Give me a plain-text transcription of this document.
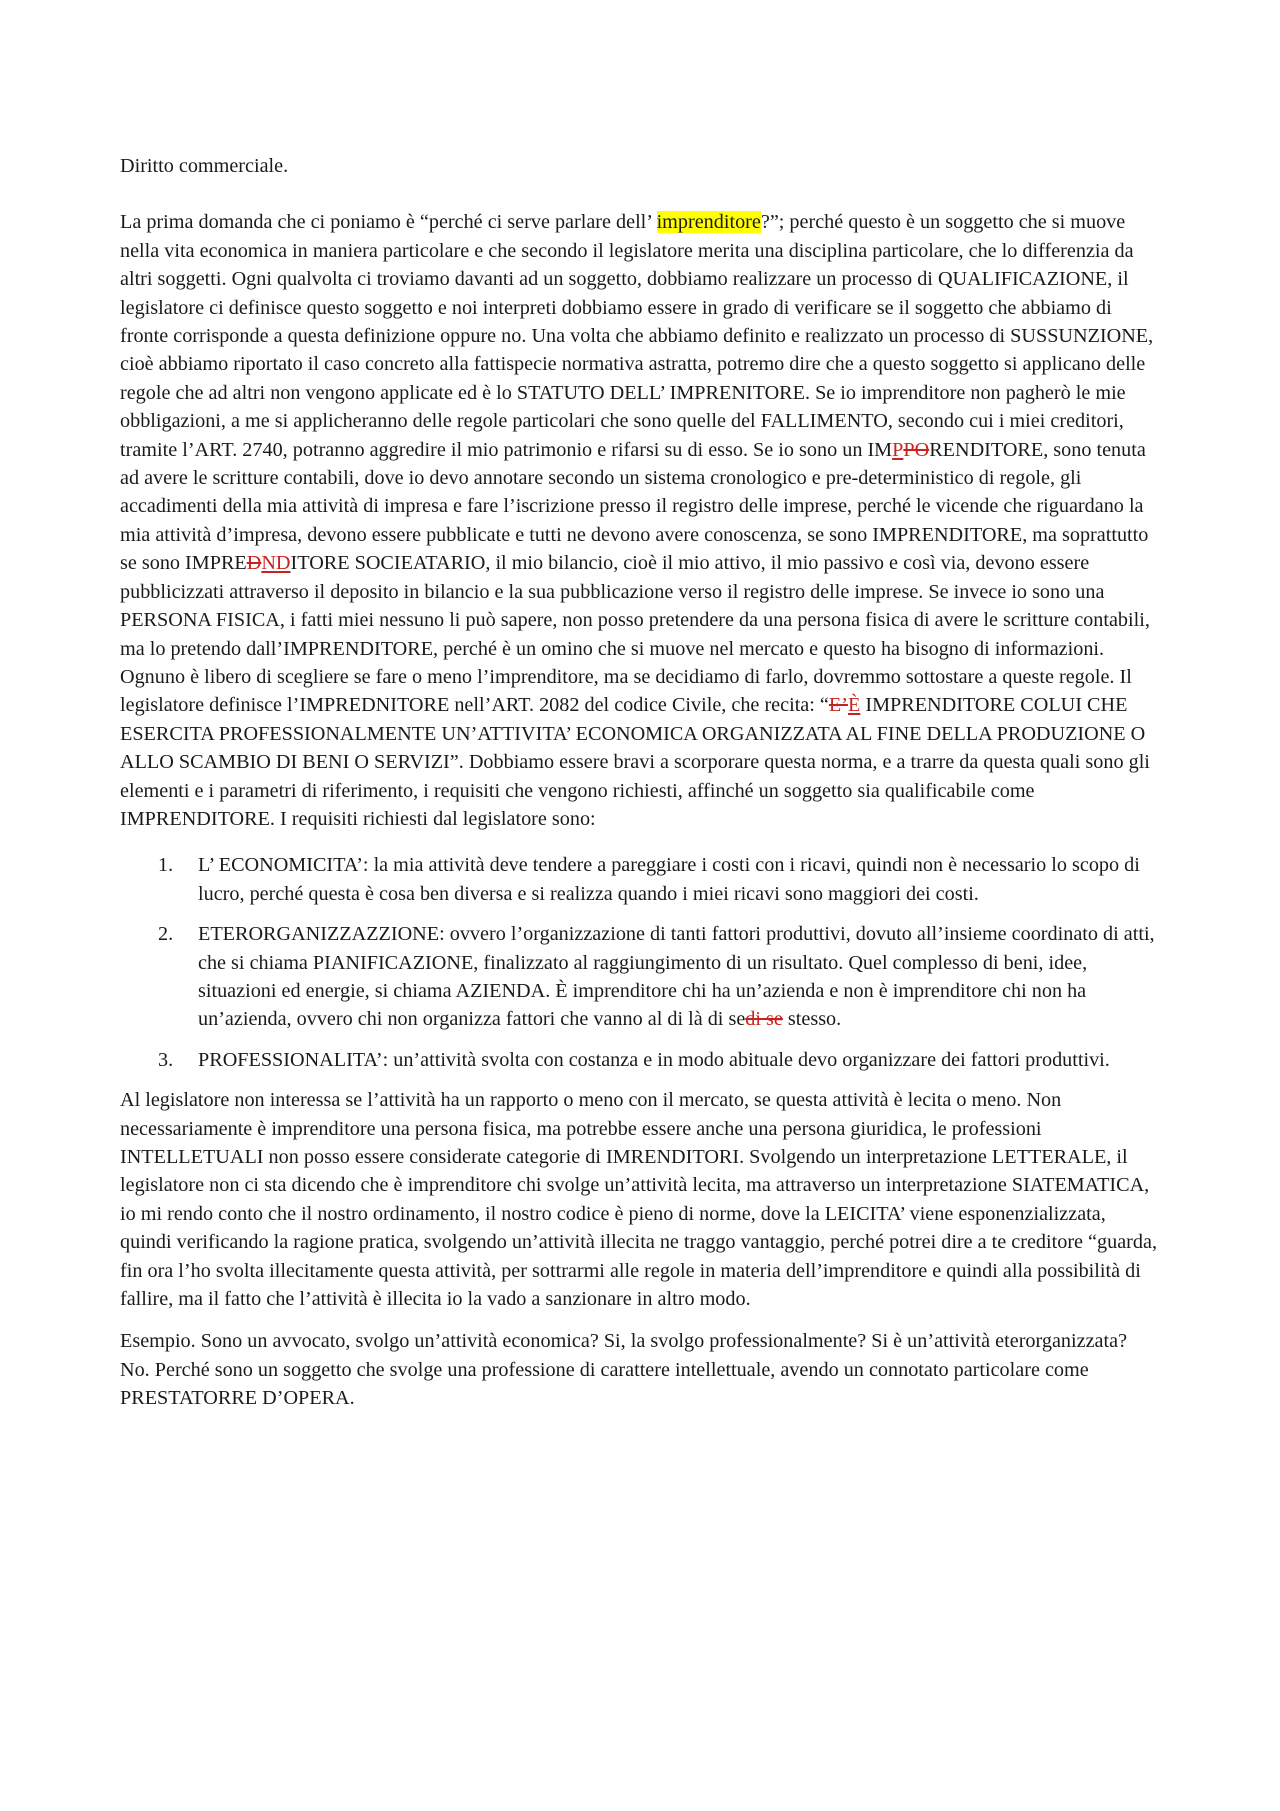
Diritto commerciale.

La prima domanda che ci poniamo è “perché ci serve parlare dell’ imprenditore?”; perché questo è un soggetto che si muove nella vita economica in maniera particolare e che secondo il legislatore merita una disciplina particolare, che lo differenzia da altri soggetti. Ogni qualvolta ci troviamo davanti ad un soggetto, dobbiamo realizzare un processo di QUALIFICAZIONE, il legislatore ci definisce questo soggetto e noi interpreti dobbiamo essere in grado di verificare se il soggetto che abbiamo di fronte corrisponde a questa definizione oppure no. Una volta che abbiamo definito e realizzato un processo di SUSSUNZIONE, cioè abbiamo riportato il caso concreto alla fattispecie normativa astratta, potremo dire che a questo soggetto si applicano delle regole che ad altri non vengono applicate ed è lo STATUTO DELL’ IMPRENITORE. Se io imprenditore non pagherò le mie obbligazioni, a me si applicheranno delle regole particolari che sono quelle del FALLIMENTO, secondo cui i miei creditori, tramite l’ART. 2740, potranno aggredire il mio patrimonio e rifarsi su di esso. Se io sono un IMPPORENDITORE, sono tenuta ad avere le scritture contabili, dove io devo annotare secondo un sistema cronologico e pre-deterministico di regole, gli accadimenti della mia attività di impresa e fare l’iscrizione presso il registro delle imprese, perché le vicende che riguardano la mia attività d’impresa, devono essere pubblicate e tutti ne devono avere conoscenza, se sono IMPRENDITORE, ma soprattutto se sono IMPREDNDITORE SOCIEATARIO, il mio bilancio, cioè il mio attivo, il mio passivo e così via, devono essere pubblicizzati attraverso il deposito in bilancio e la sua pubblicazione verso il registro delle imprese. Se invece io sono una PERSONA FISICA, i fatti miei nessuno li può sapere, non posso pretendere da una persona fisica di avere le scritture contabili, ma lo pretendo dall’IMPRENDITORE, perché è un omino che si muove nel mercato e questo ha bisogno di informazioni. Ognuno è libero di scegliere se fare o meno l’imprenditore, ma se decidiamo di farlo, dovremmo sottostare a queste regole. Il legislatore definisce l’IMPREDNITORE nell’ART. 2082 del codice Civile, che recita: “E’È IMPRENDITORE COLUI CHE ESERCITA PROFESSIONALMENTE UN’ATTIVITA’ ECONOMICA ORGANIZZATA AL FINE DELLA PRODUZIONE O ALLO SCAMBIO DI BENI O SERVIZI”. Dobbiamo essere bravi a scorporare questa norma, e a trarre da questa quali sono gli elementi e i parametri di riferimento, i requisiti che vengono richiesti, affinché un soggetto sia qualificabile come IMPRENDITORE. I requisiti richiesti dal legislatore sono:

1. L’ ECONOMICITA’: la mia attività deve tendere a pareggiare i costi con i ricavi, quindi non è necessario lo scopo di lucro, perché questa è cosa ben diversa e si realizza quando i miei ricavi sono maggiori dei costi.
2. ETERORGANIZZAZZIONE: ovvero l’organizzazione di tanti fattori produttivi, dovuto all’insieme coordinato di atti, che si chiama PIANIFICAZIONE, finalizzato al raggiungimento di un risultato. Quel complesso di beni, idee, situazioni ed energie, si chiama AZIENDA. È imprenditore chi ha un’azienda e non è imprenditore chi non ha un’azienda, ovvero chi non organizza fattori che vanno al di là di sedi se stesso.
3. PROFESSIONALITA’: un’attività svolta con costanza e in modo abituale devo organizzare dei fattori produttivi.

Al legislatore non interessa se l’attività ha un rapporto o meno con il mercato, se questa attività è lecita o meno. Non necessariamente è imprenditore una persona fisica, ma potrebbe essere anche una persona giuridica, le professioni INTELLETUALI non posso essere considerate categorie di IMRENDITORI. Svolgendo un interpretazione LETTERALE, il legislatore non ci sta dicendo che è imprenditore chi svolge un’attività lecita, ma attraverso un interpretazione SIATEMATICA, io mi rendo conto che il nostro ordinamento, il nostro codice è pieno di norme, dove la LEICITA’ viene esponenzializzata, quindi verificando la ragione pratica, svolgendo un’attività illecita ne traggo vantaggio, perché potrei dire a te creditore “guarda, fin ora l’ho svolta illecitamente questa attività, per sottrarmi alle regole in materia dell’imprenditore e quindi alla possibilità di fallire, ma il fatto che l’attività è illecita io la vado a sanzionare in altro modo.

Esempio. Sono un avvocato, svolgo un’attività economica? Si, la svolgo professionalmente? Si è un’attività eterorganizzata? No. Perché sono un soggetto che svolge una professione di carattere intellettuale, avendo un connotato particolare come PRESTATORRE D’OPERA.
